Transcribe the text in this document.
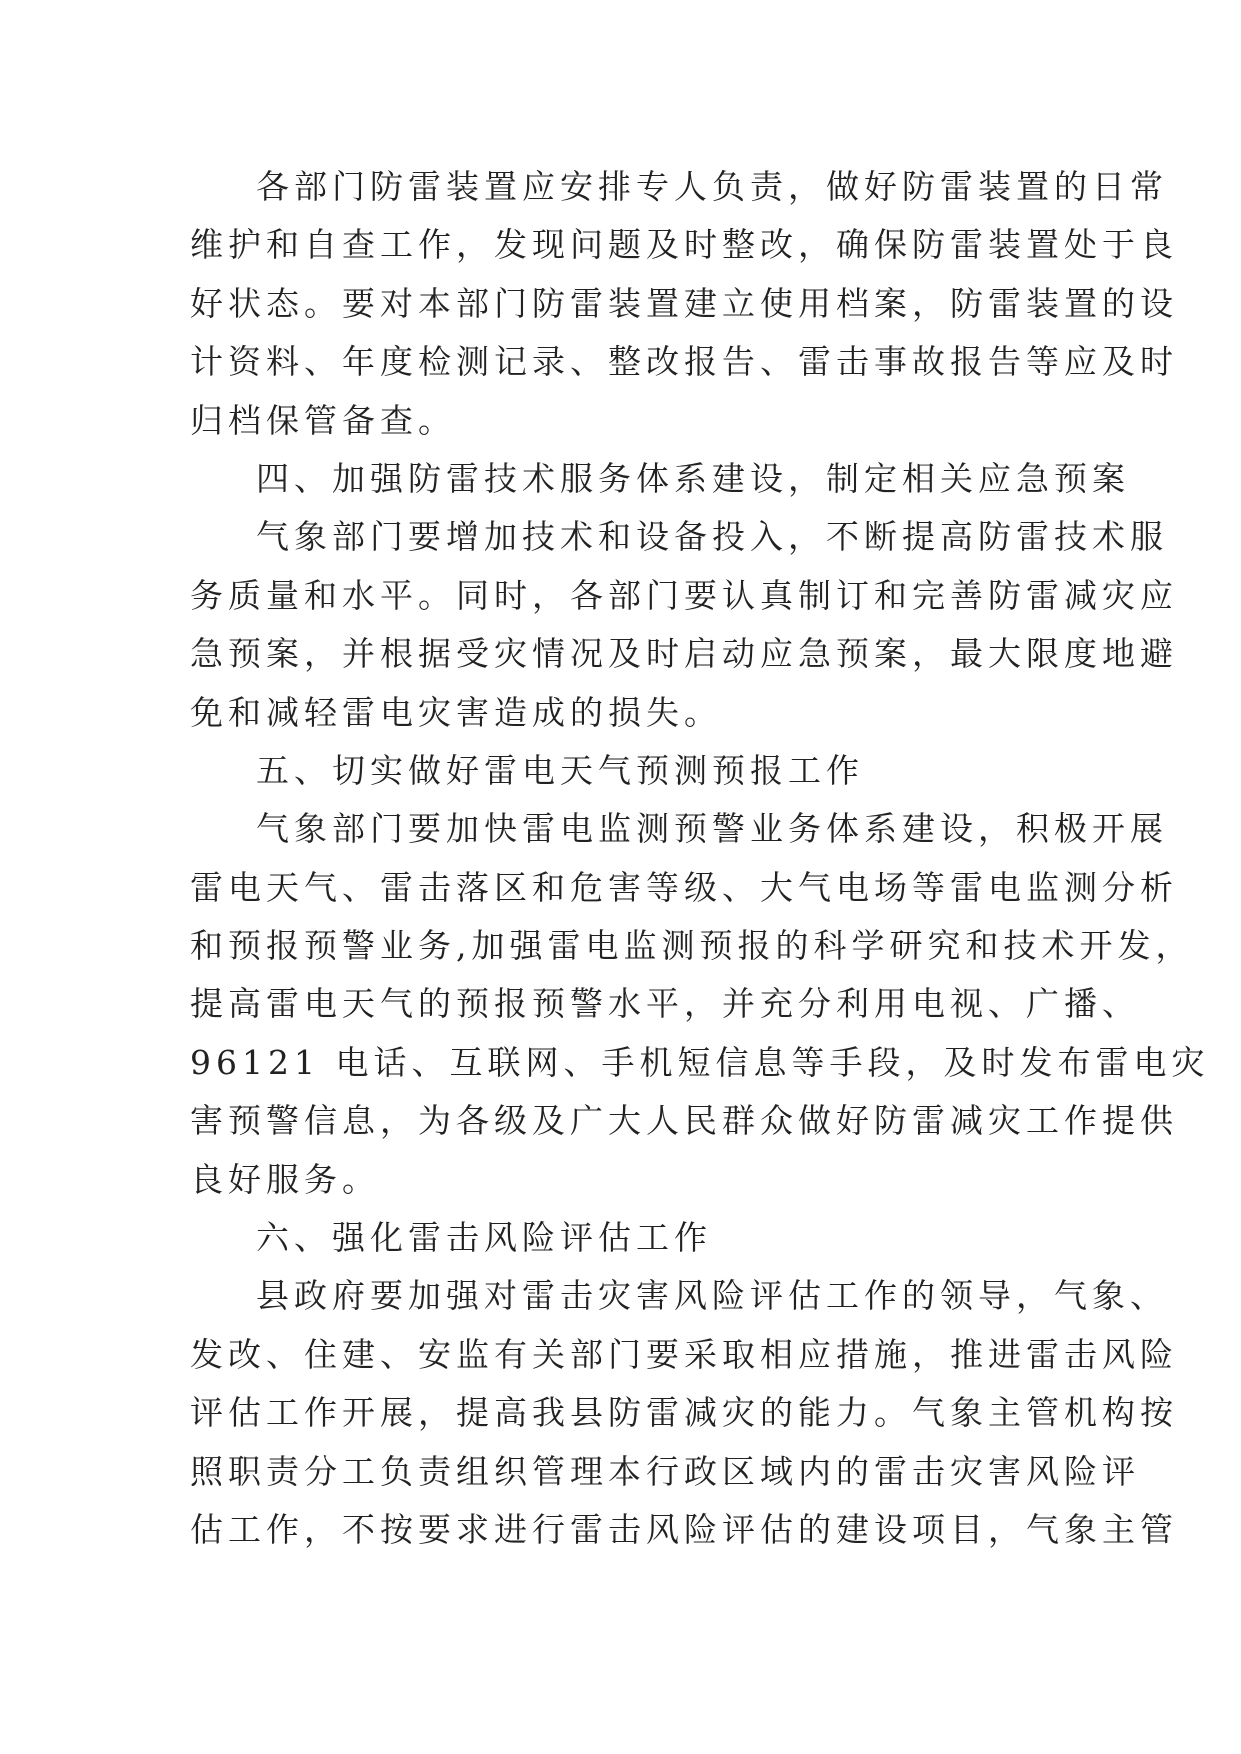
各部门防雷装置应安排专人负责，做好防雷装置的日常
维护和自查工作，发现问题及时整改，确保防雷装置处于良
好状态。要对本部门防雷装置建立使用档案，防雷装置的设
计资料、年度检测记录、整改报告、雷击事故报告等应及时
归档保管备查。
四、加强防雷技术服务体系建设，制定相关应急预案
气象部门要增加技术和设备投入，不断提高防雷技术服
务质量和水平。同时，各部门要认真制订和完善防雷减灾应
急预案，并根据受灾情况及时启动应急预案，最大限度地避
免和减轻雷电灾害造成的损失。
五、切实做好雷电天气预测预报工作
气象部门要加快雷电监测预警业务体系建设，积极开展
雷电天气、雷击落区和危害等级、大气电场等雷电监测分析
和预报预警业务,加强雷电监测预报的科学研究和技术开发，
提高雷电天气的预报预警水平，并充分利用电视、广播、
96121 电话、互联网、手机短信息等手段，及时发布雷电灾
害预警信息，为各级及广大人民群众做好防雷减灾工作提供
良好服务。
六、强化雷击风险评估工作
县政府要加强对雷击灾害风险评估工作的领导，气象、
发改、住建、安监有关部门要采取相应措施，推进雷击风险
评估工作开展，提高我县防雷减灾的能力。气象主管机构按
照职责分工负责组织管理本行政区域内的雷击灾害风险评
估工作，不按要求进行雷击风险评估的建设项目，气象主管
